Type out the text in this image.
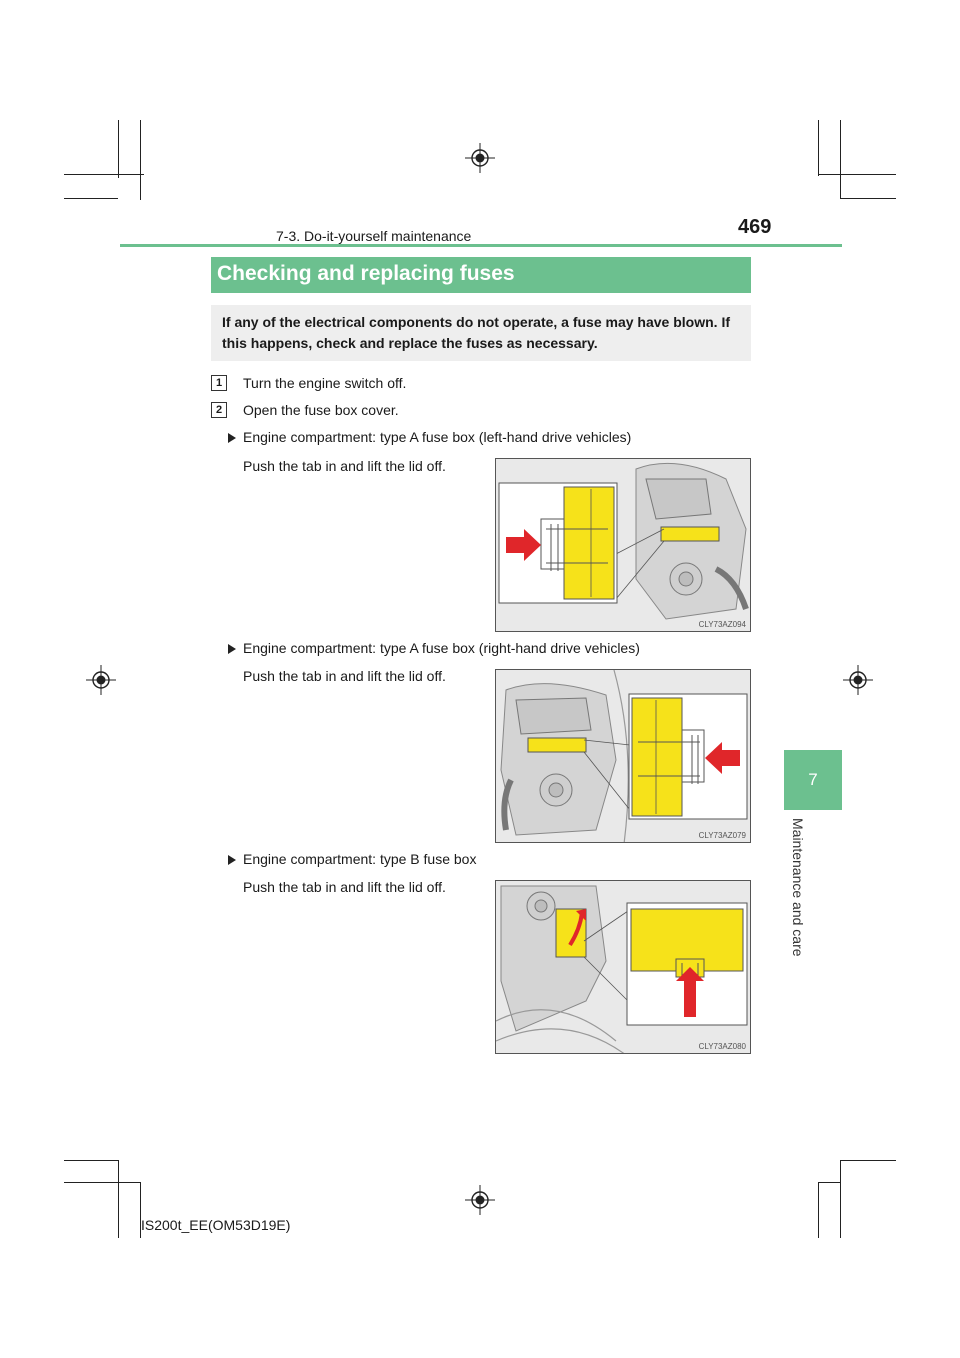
7-3. Do-it-yourself maintenance	469
7
Maintenance and care
Checking and replacing fuses
If any of the electrical components do not operate, a fuse may have blown. If this happens, check and replace the fuses as necessary.
1	Turn the engine switch off.
2	Open the fuse box cover.
Engine compartment: type A fuse box (left-hand drive vehicles)
Push the tab in and lift the lid off.
CLY73AZ094
Engine compartment: type A fuse box (right-hand drive vehicles)
Push the tab in and lift the lid off.
CLY73AZ079
Engine compartment: type B fuse box
Push the tab in and lift the lid off.
CLY73AZ080
IS200t_EE(OM53D19E)
